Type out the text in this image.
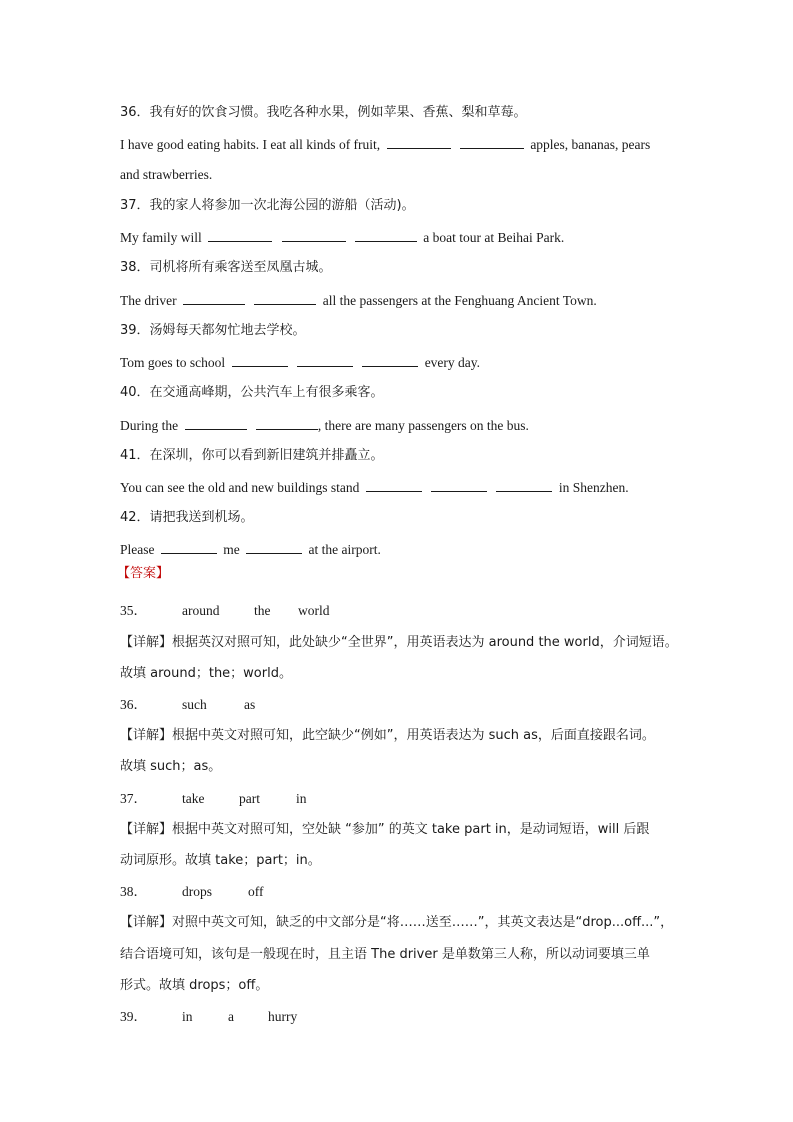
36．我有好的饮食习惯。我吃各种水果，例如苹果、香蕉、梨和草莓。
I have good eating habits. I eat all kinds of fruit,	apples, bananas, pears
and strawberries.
37．我的家人将参加一次北海公园的游船（活动)。
My family will	a boat tour at Beihai Park.
38．司机将所有乘客送至凤凰古城。
The driver	all the passengers at the Fenghuang Ancient Town.
39．汤姆每天都匆忙地去学校。
Tom goes to school	every day.
40．在交通高峰期，公共汽车上有很多乘客。
During the	, there are many passengers on the bus.
41．在深圳，你可以看到新旧建筑并排矗立。
You can see the old and new buildings stand	in Shenzhen.
42．请把我送到机场。
Please	me	at the airport.
【答案】
35．	around	the world
【详解】根据英汉对照可知，此处缺少“全世界”，用英语表达为 around the world，介词短语。
故填 around；the；world。
36．	such	as
【详解】根据中英文对照可知，此空缺少“例如”，用英语表达为 such as，后面直接跟名词。
故填 such；as。
37．	take	part	in
【详解】根据中英文对照可知，空处缺 “参加” 的英文 take part in，是动词短语，will 后跟
动词原形。故填 take；part；in。
38．	drops	off
【详解】对照中英文可知，缺乏的中文部分是“将……送至……”，其英文表达是“drop...off...”，
结合语境可知，该句是一般现在时，且主语 The driver 是单数第三人称，所以动词要填三单
形式。故填 drops；off。
39．	in	a	hurry
